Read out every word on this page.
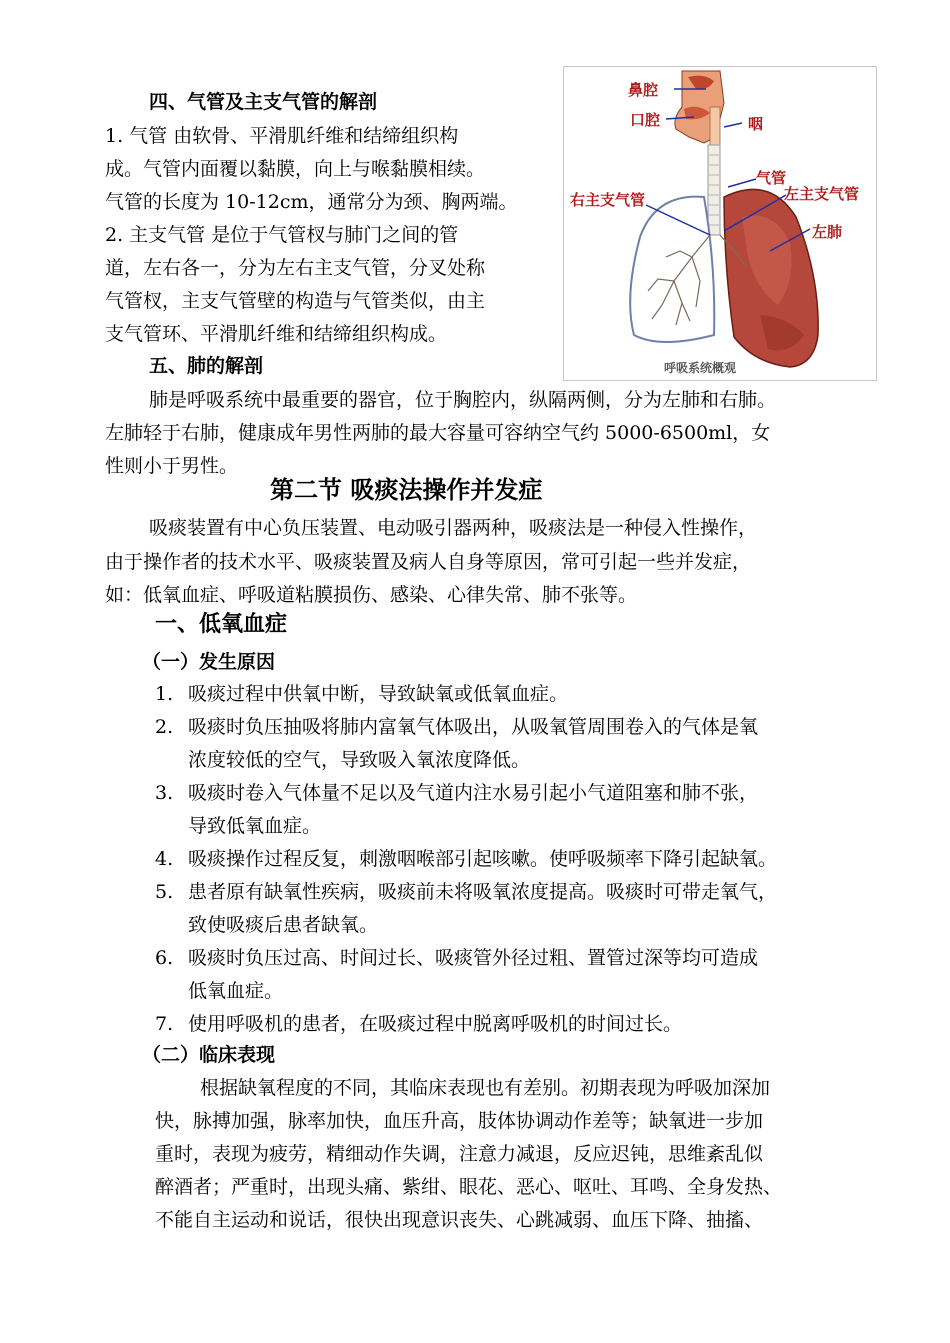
四、气管及主支气管的解剖
1. 气管 由软骨、平滑肌纤维和结缔组织构
成。气管内面覆以黏膜，向上与喉黏膜相续。
气管的长度为 10-12cm，通常分为颈、胸两端。
2. 主支气管 是位于气管杈与肺门之间的管
道，左右各一，分为左右主支气管，分叉处称
气管杈，主支气管壁的构造与气管类似，由主
支气管环、平滑肌纤维和结缔组织构成。
五、肺的解剖
肺是呼吸系统中最重要的器官，位于胸腔内，纵隔两侧，分为左肺和右肺。
左肺轻于右肺，健康成年男性两肺的最大容量可容纳空气约 5000-6500ml，女
性则小于男性。
鼻腔
口腔	咽
气管
右主支气管	左主支气管
左肺
呼吸系统概观
第二节 吸痰法操作并发症
吸痰装置有中心负压装置、电动吸引器两种，吸痰法是一种侵入性操作，
由于操作者的技术水平、吸痰装置及病人自身等原因，常可引起一些并发症，
如：低氧血症、呼吸道粘膜损伤、感染、心律失常、肺不张等。
一、低氧血症
（一）发生原因
1. 吸痰过程中供氧中断，导致缺氧或低氧血症。
2. 吸痰时负压抽吸将肺内富氧气体吸出，从吸氧管周围卷入的气体是氧
浓度较低的空气，导致吸入氧浓度降低。
3. 吸痰时卷入气体量不足以及气道内注水易引起小气道阻塞和肺不张，
导致低氧血症。
4. 吸痰操作过程反复，刺激咽喉部引起咳嗽。使呼吸频率下降引起缺氧。
5. 患者原有缺氧性疾病，吸痰前未将吸氧浓度提高。吸痰时可带走氧气，
致使吸痰后患者缺氧。
6. 吸痰时负压过高、时间过长、吸痰管外径过粗、置管过深等均可造成
低氧血症。
7. 使用呼吸机的患者，在吸痰过程中脱离呼吸机的时间过长。
（二）临床表现
根据缺氧程度的不同，其临床表现也有差别。初期表现为呼吸加深加
快，脉搏加强，脉率加快，血压升高，肢体协调动作差等；缺氧进一步加
重时，表现为疲劳，精细动作失调，注意力减退，反应迟钝，思维紊乱似
醉酒者；严重时，出现头痛、紫绀、眼花、恶心、呕吐、耳鸣、全身发热、
不能自主运动和说话，很快出现意识丧失、心跳减弱、血压下降、抽搐、
